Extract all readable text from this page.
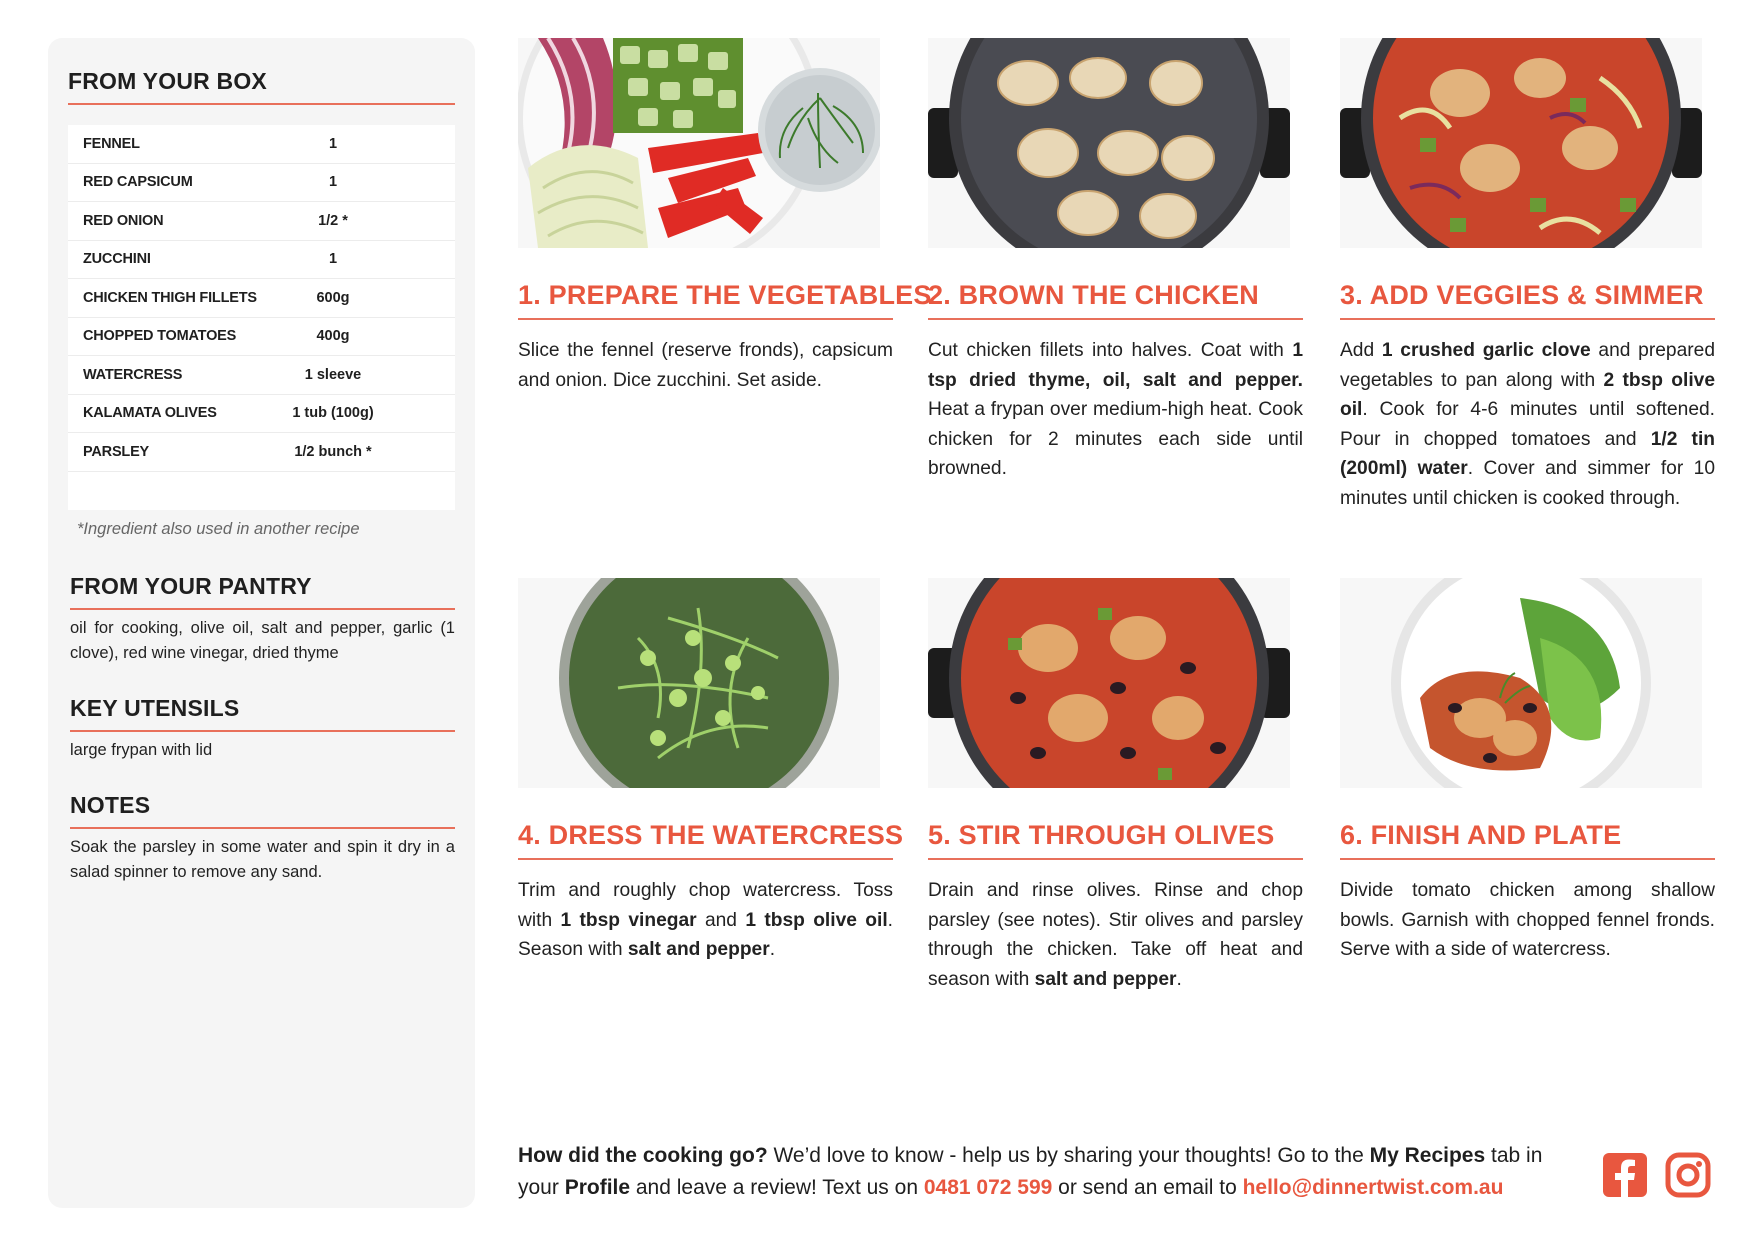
FROM YOUR BOX
FENNEL	1
RED CAPSICUM	1
RED ONION	1/2 *
ZUCCHINI	1
CHICKEN THIGH FILLETS	600g
CHOPPED TOMATOES	400g
WATERCRESS	1 sleeve
KALAMATA OLIVES	1 tub (100g)
PARSLEY	1/2 bunch *
*Ingredient also used in another recipe
FROM YOUR PANTRY
oil for cooking, olive oil, salt and pepper, garlic (1 clove), red wine vinegar, dried thyme
KEY UTENSILS
large frypan with lid
NOTES
Soak the parsley in some water and spin it dry in a salad spinner to remove any sand.
1. PREPARE THE VEGETABLES
Slice the fennel (reserve fronds), capsicum and onion. Dice zucchini. Set aside.
2. BROWN THE CHICKEN
Cut chicken fillets into halves. Coat with 1 tsp dried thyme, oil, salt and pepper. Heat a frypan over medium-high heat. Cook chicken for 2 minutes each side until browned.
3. ADD VEGGIES & SIMMER
Add 1 crushed garlic clove and prepared vegetables to pan along with 2 tbsp olive oil. Cook for 4-6 minutes until softened. Pour in chopped tomatoes and 1/2 tin (200ml) water. Cover and simmer for 10 minutes until chicken is cooked through.
4. DRESS THE WATERCRESS
Trim and roughly chop watercress. Toss with 1 tbsp vinegar and 1 tbsp olive oil. Season with salt and pepper.
5. STIR THROUGH OLIVES
Drain and rinse olives. Rinse and chop parsley (see notes). Stir olives and parsley through the chicken. Take off heat and season with salt and pepper.
6. FINISH AND PLATE
Divide tomato chicken among shallow bowls. Garnish with chopped fennel fronds. Serve with a side of watercress.
How did the cooking go? We’d love to know - help us by sharing your thoughts! Go to the My Recipes tab in your Profile and leave a review! Text us on 0481 072 599 or send an email to hello@dinnertwist.com.au
